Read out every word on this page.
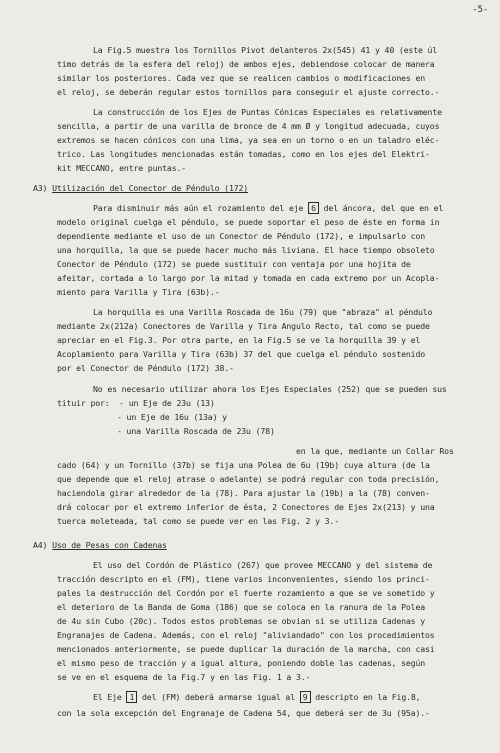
-5-
La Fig.5 muestra los Tornillos Pivot delanteros 2x(545) 41 y 40 (este úl
timo detrás de la esfera del reloj) de ambos ejes, debiendose colocar de manera
similar los posteriores. Cada vez que se realicen cambios o modificaciones en
el reloj, se deberán regular estos tornillos para conseguir el ajuste correcto.-
La construcción de los Ejes de Puntas Cónicas Especiales es relativamente
sencilla, a partir de una varilla de bronce de 4 mm Ø y longitud adecuada, cuyos
extremos se hacen cónicos con una lima, ya sea en un torno o en un taladro eléc-
trico. Las longitudes mencionadas están tomadas, como en los ejes del Elektri-
kit MECCANO, entre puntas.-
A3) Utilización del Conector de Péndulo (172)
Para disminuir más aún el rozamiento del eje 6 del áncora, del que en el
modelo original cuelga el péndulo, se puede soportar el peso de éste en forma in
dependiente mediante el uso de un Conector de Péndulo (172), e impulsarlo con
una horquilla, la que se puede hacer mucho más liviana. El hace tiempo obsoleto
Conector de Péndulo (172) se puede sustituir con ventaja por una hojita de
afeitar, cortada a lo largo por la mitad y tomada en cada extremo por un Acopla-
miento para Varilla y Tira (63b).-
La horquilla es una Varilla Roscada de 16u (79) que "abraza" al péndulo
mediante 2x(212a) Conectores de Varilla y Tira Angulo Recto, tal como se puede
apreciar en el Fig.3. Por otra parte, en la Fig.5 se ve la horquilla 39 y el
Acoplamiento para Varilla y Tira (63b) 37 del que cuelga el péndulo sostenido
por el Conector de Péndulo (172) 38.-
No es necesario utilizar ahora los Ejes Especiales (252) que se pueden sus
tituir por:  - un Eje de 23u (13)
- un Eje de 16u (13a) y
- una Varilla Roscada de 23u (78)
en la que, mediante un Collar Ros
cado (64) y un Tornillo (37b) se fija una Polea de 6u (19b) cuya altura (de la
que depende que el reloj atrase o adelante) se podrá regular con toda precisión,
haciendola girar alrededor de la (78). Para ajustar la (19b) a la (78) conven-
drá colocar por el extremo inferior de ésta, 2 Conectores de Ejes 2x(213) y una
tuerca moleteada, tal como se puede ver en las Fig. 2 y 3.-
A4) Uso de Pesas con Cadenas
El uso del Cordón de Plástico (267) que provee MECCANO y del sistema de
tracción descripto en el (FM), tiene varios inconvenientes, siendo los princi-
pales la destrucción del Cordón por el fuerte rozamiento a que se ve sometido y
el deterioro de la Banda de Goma (186) que se coloca en la ranura de la Polea
de 4u sin Cubo (20c). Todos estos problemas se obvian si se utiliza Cadenas y
Engranajes de Cadena. Además, con el reloj "aliviandado" con los procedimientos
mencionados anteriormente, se puede duplicar la duración de la marcha, con casi
el mismo peso de tracción y a igual altura, poniendo doble las cadenas, según
se ve en el esquema de la Fig.7 y en las Fig. 1 a 3.-
El Eje 1 del (FM) deberá armarse igual al 9 descripto en la Fig.8,
con la sola excepción del Engranaje de Cadena 54, que deberá ser de 3u (95a).-
